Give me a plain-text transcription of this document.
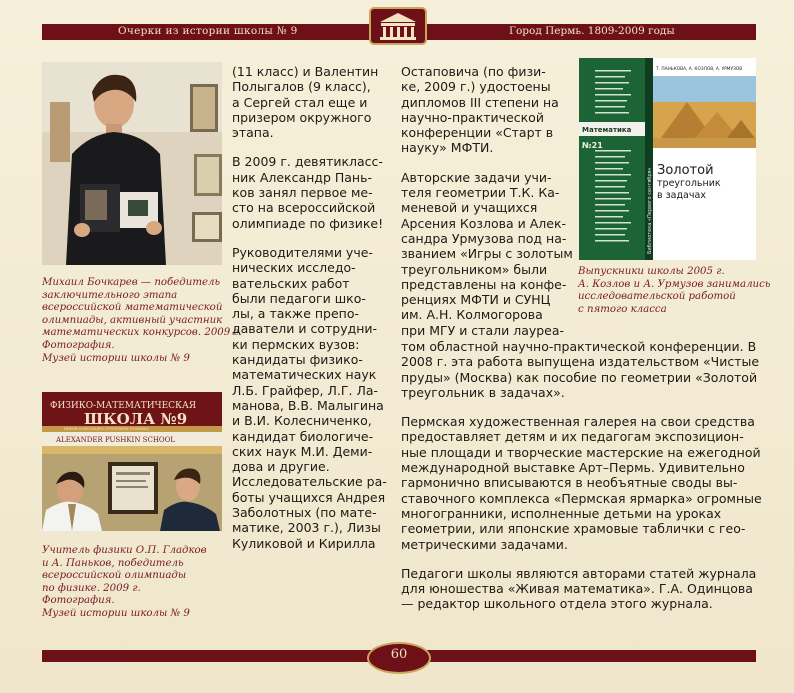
Очерки из истории школы № 9	Город Пермь. 1809-2009 годы
Михаил Бочкарев — победитель
заключительного этапа
всероссийской математической
олимпиады, активный участник
математических конкурсов. 2009 г.
Фотография.
Музей истории школы № 9
ФИЗИКО-МАТЕМАТИЧЕСКАЯ
ШКОЛА №9
ИМЕНИ АЛЕКСАНДРА СЕРГЕЕВИЧА ПУШКИНА
ALEXANDER PUSHKIN SCHOOL
Учитель физики О.П. Гладков
и А. Паньков, победитель
всероссийской олимпиады
по физике. 2009 г.
Фотография.
Музей истории школы № 9
Математика
№21
Библиотека «Первого сентября»
Т. ПАНЬКОВА, А. КОЗЛОВ, А. УРМУЗОВ
Золотой
треугольник
в задачах
Выпускники школы 2005 г.
А. Козлов и А. Урмузов занимались
исследовательской работой
с пятого класса
(11 класс) и Валентин
Полыгалов (9 класс),
а Сергей стал еще и
призером окружного
этапа.
В 2009 г. девятикласс-
ник Александр Пань-
ков занял первое ме-
сто на всероссийской
олимпиаде по физике!
Руководителями уче-
нических исследо-
вательских работ
были педагоги шко-
лы, а также препо-
даватели и сотрудни-
ки пермских вузов:
кандидаты физико-
математических наук
Л.Б. Грайфер, Л.Г. Ла-
манова, В.В. Малыгина
и В.И. Колесниченко,
кандидат биологиче-
ских наук М.И. Деми-
дова и другие.
Исследовательские ра-
боты учащихся Андрея
Заболотных (по мате-
матике, 2003 г.), Лизы
Куликовой и Кирилла
Остаповича (по физи-
ке, 2009 г.) удостоены
дипломов III степени на
научно-практической
конференции «Старт в
науку» МФТИ.
Авторские задачи учи-
теля геометрии Т.К. Ка-
меневой и учащихся
Арсения Козлова и Алек-
сандра Урмузова под на-
званием «Игры с золотым
треугольником» были
представлены на конфе-
ренциях МФТИ и СУНЦ
им. А.Н. Колмогорова
при МГУ и стали лауреа-
том областной научно-практической конференции. В
2008 г. эта работа выпущена издательством «Чистые
пруды» (Москва) как пособие по геометрии «Золотой
треугольник в задачах».
Пермская художественная галерея на свои средства
предоставляет детям и их педагогам экспозицион-
ные площади и творческие мастерские на ежегодной
международной выставке Арт–Пермь. Удивительно
гармонично вписываются в необъятные своды вы-
ставочного комплекса «Пермская ярмарка» огромные
многогранники, исполненные детьми на уроках
геометрии, или японские храмовые таблички с гео-
метрическими задачами.
Педагоги школы являются авторами статей журнала
для юношества «Живая математика». Г.А. Одинцова
— редактор школьного отдела этого журнала.
60
